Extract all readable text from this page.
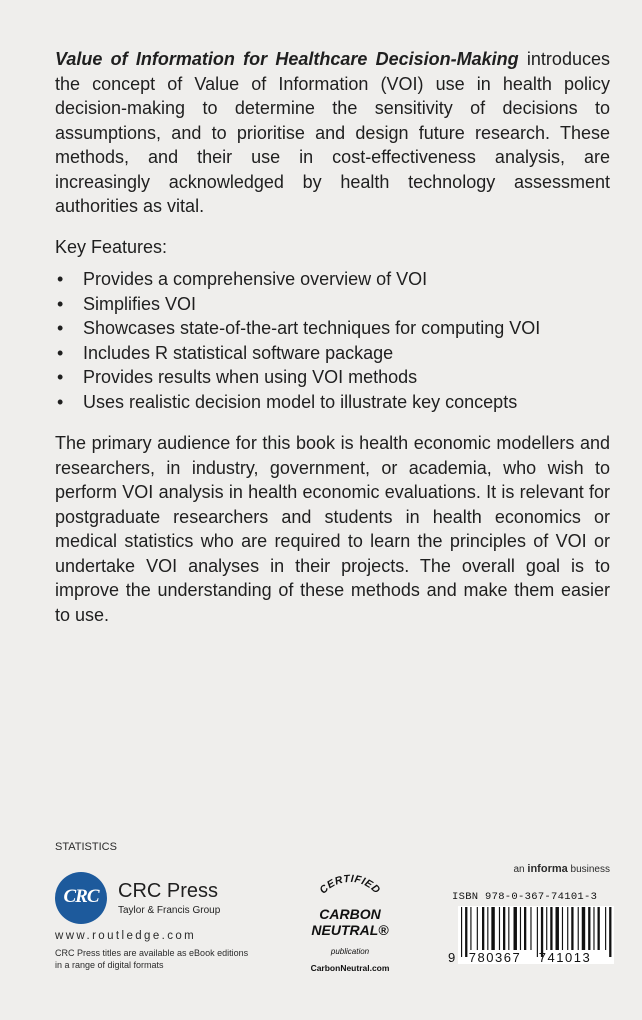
Value of Information for Healthcare Decision-Making introduces the concept of Value of Information (VOI) use in health policy decision-making to determine the sensitivity of decisions to assumptions, and to prioritise and design future research. These methods, and their use in cost-effectiveness analysis, are increasingly acknowledged by health technology assessment authorities as vital.

Key Features:

• Provides a comprehensive overview of VOI
• Simplifies VOI
• Showcases state-of-the-art techniques for computing VOI
• Includes R statistical software package
• Provides results when using VOI methods
• Uses realistic decision model to illustrate key concepts

The primary audience for this book is health economic modellers and researchers, in industry, government, or academia, who wish to perform VOI analysis in health economic evaluations. It is relevant for postgraduate researchers and students in health economics or medical statistics who are required to learn the principles of VOI or undertake VOI analyses in their projects. The overall goal is to improve the understanding of these methods and make them easier to use.

STATISTICS
an informa business
CRC CRC Press
Taylor & Francis Group
www.routledge.com
CRC Press titles are available as eBook editions
in a range of digital formats
CERTIFIED
CARBON
NEUTRAL®
publication
CarbonNeutral.com
ISBN 978-0-367-74101-3
9 780367 741013
